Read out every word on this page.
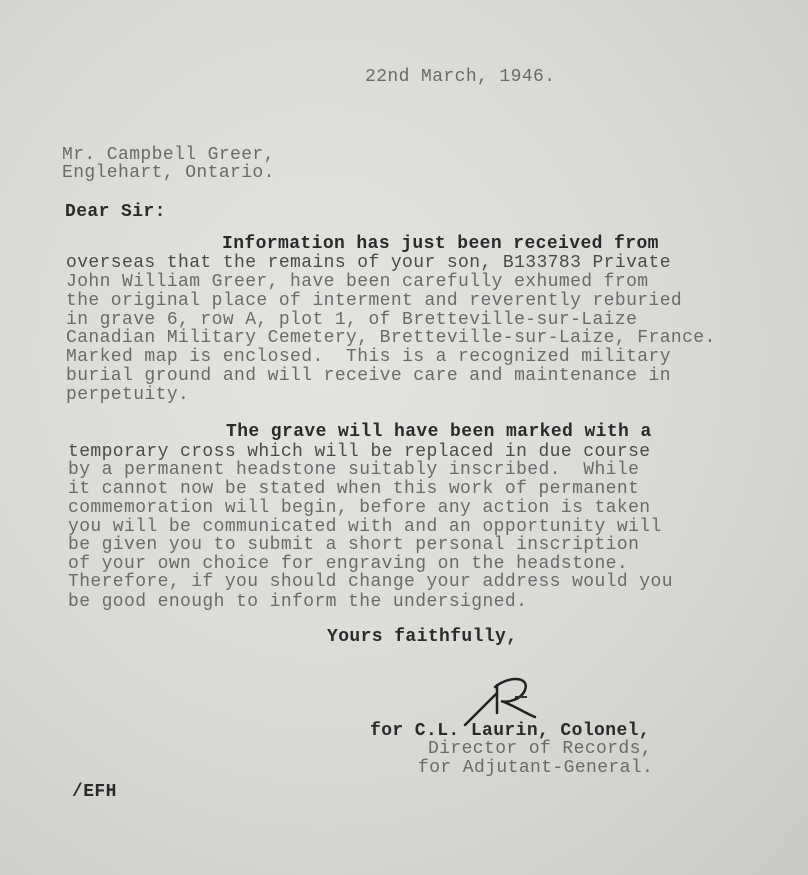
22nd March, 1946.
Mr. Campbell Greer,
Englehart, Ontario.
Dear Sir:
Information has just been received from
overseas that the remains of your son, B133783 Private
John William Greer, have been carefully exhumed from
the original place of interment and reverently reburied
in grave 6, row A, plot 1, of Bretteville-sur-Laize
Canadian Military Cemetery, Bretteville-sur-Laize, France.
Marked map is enclosed.  This is a recognized military
burial ground and will receive care and maintenance in
perpetuity.
The grave will have been marked with a
temporary cross which will be replaced in due course
by a permanent headstone suitably inscribed.  While
it cannot now be stated when this work of permanent
commemoration will begin, before any action is taken
you will be communicated with and an opportunity will
be given you to submit a short personal inscription
of your own choice for engraving on the headstone.
Therefore, if you should change your address would you
be good enough to inform the undersigned.
Yours faithfully,
for C.L. Laurin, Colonel,
Director of Records,
for Adjutant-General.
/EFH
